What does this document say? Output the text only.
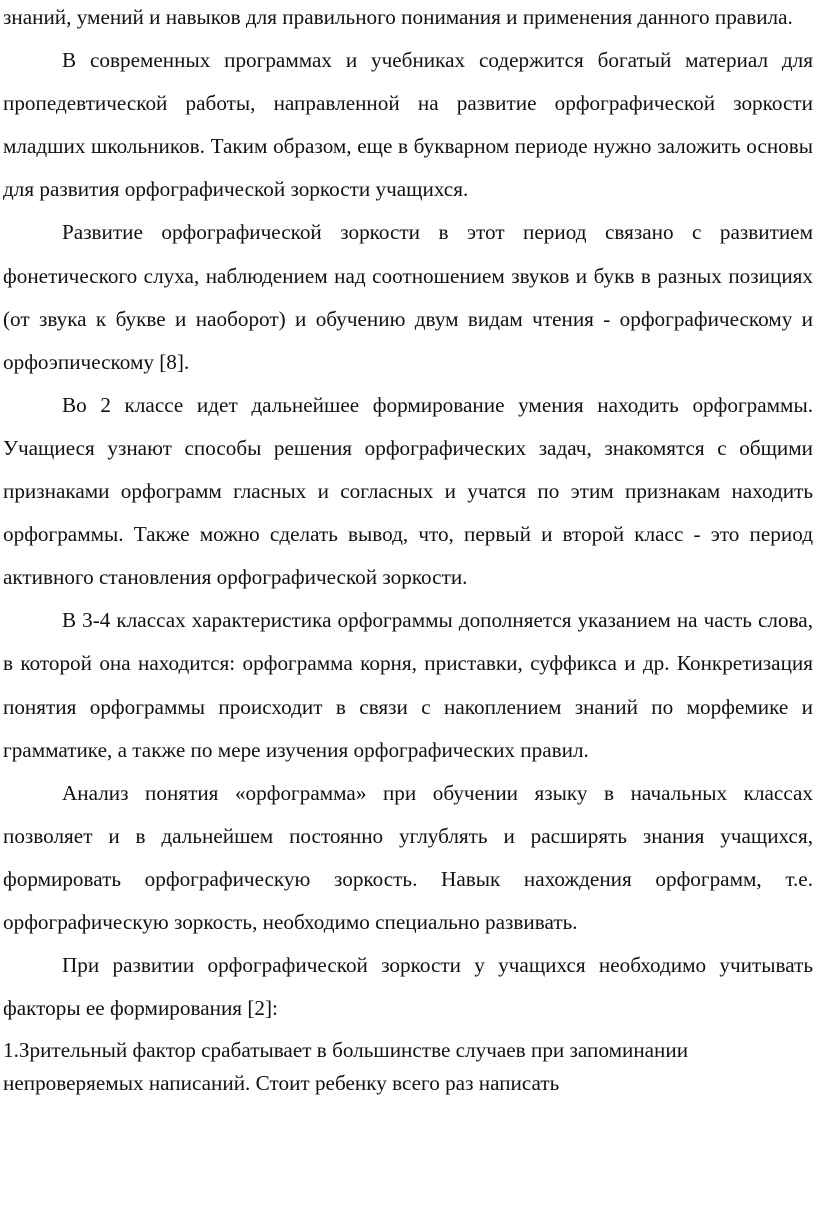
знаний, умений и навыков для правильного понимания и применения данного правила.

В современных программах и учебниках содержится богатый материал для пропедевтической работы, направленной на развитие орфографической зоркости младших школьников. Таким образом, еще в букварном периоде нужно заложить основы для развития орфографической зоркости учащихся.

Развитие орфографической зоркости в этот период связано с развитием фонетического слуха, наблюдением над соотношением звуков и букв в разных позициях (от звука к букве и наоборот) и обучению двум видам чтения - орфографическому и орфоэпическому [8].

Во 2 классе идет дальнейшее формирование умения находить орфограммы. Учащиеся узнают способы решения орфографических задач, знакомятся с общими признаками орфограмм гласных и согласных и учатся по этим признакам находить орфограммы. Также можно сделать вывод, что, первый и второй класс - это период активного становления орфографической зоркости.

В 3-4 классах характеристика орфограммы дополняется указанием на часть слова, в которой она находится: орфограмма корня, приставки, суффикса и др. Конкретизация понятия орфограммы происходит в связи с накоплением знаний по морфемике и грамматике, а также по мере изучения орфографических правил.

Анализ понятия «орфограмма» при обучении языку в начальных классах позволяет и в дальнейшем постоянно углублять и расширять знания учащихся, формировать орфографическую зоркость. Навык нахождения орфограмм, т.е. орфографическую зоркость, необходимо специально развивать.

При развитии орфографической зоркости у учащихся необходимо учитывать факторы ее формирования [2]:

1.Зрительный фактор срабатывает в большинстве случаев при запоминании непроверяемых написаний. Стоит ребенку всего раз написать
